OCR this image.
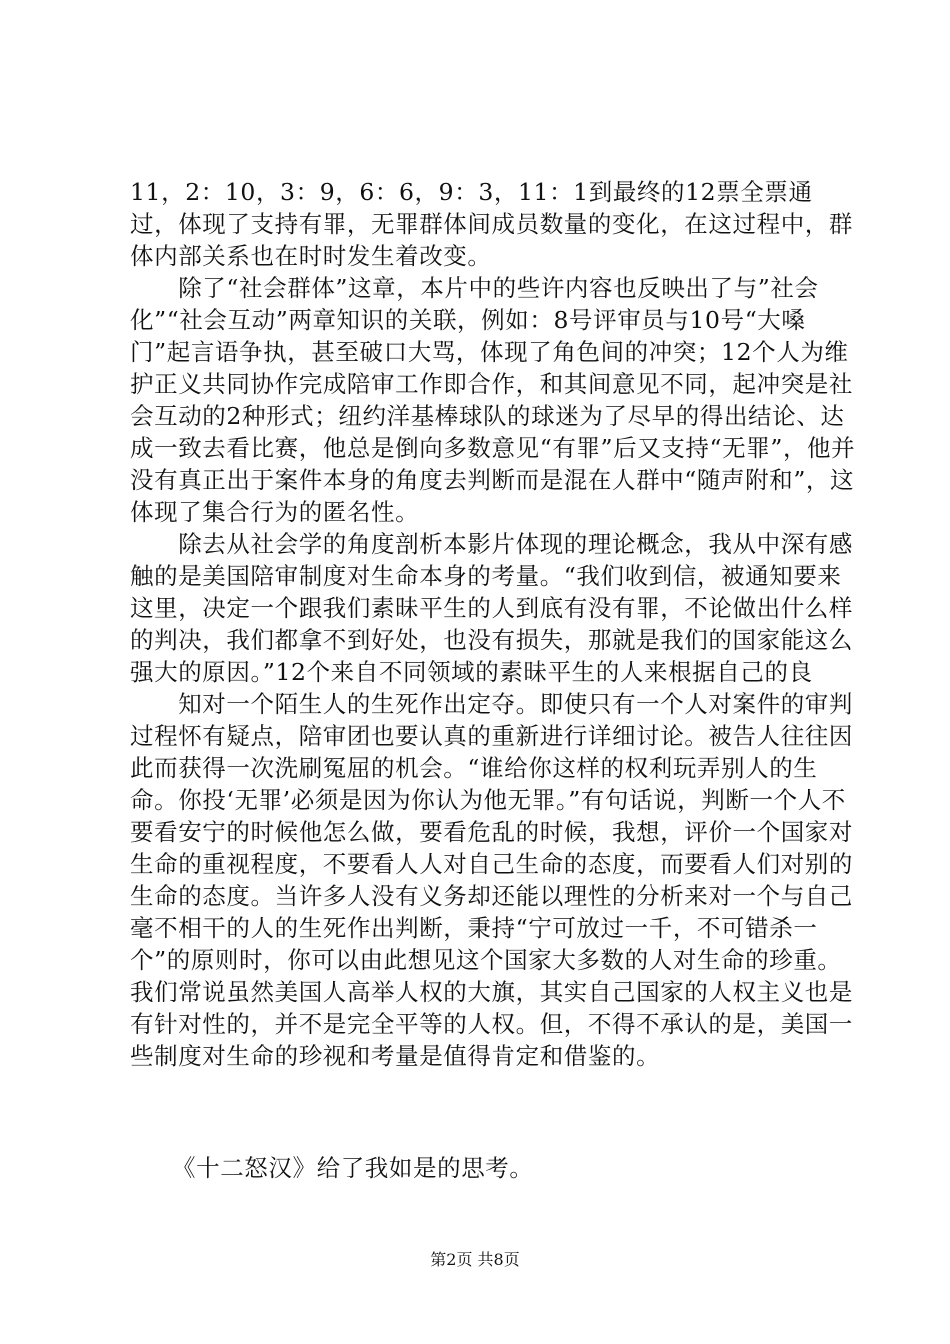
11，2：10，3：9，6：6，9：3，11：1到最终的12票全票通过，体现了支持有罪，无罪群体间成员数量的变化，在这过程中，群体内部关系也在时时发生着改变。

　　除了“社会群体”这章，本片中的些许内容也反映出了与”社会化”“社会互动”两章知识的关联，例如：8号评审员与10号“大嗓门”起言语争执，甚至破口大骂，体现了角色间的冲突；12个人为维护正义共同协作完成陪审工作即合作，和其间意见不同，起冲突是社会互动的2种形式；纽约洋基棒球队的球迷为了尽早的得出结论、达成一致去看比赛，他总是倒向多数意见“有罪”后又支持“无罪”，他并没有真正出于案件本身的角度去判断而是混在人群中“随声附和”，这体现了集合行为的匿名性。

　　除去从社会学的角度剖析本影片体现的理论概念，我从中深有感触的是美国陪审制度对生命本身的考量。“我们收到信，被通知要来这里，决定一个跟我们素昧平生的人到底有没有罪，不论做出什么样的判决，我们都拿不到好处，也没有损失，那就是我们的国家能这么强大的原因。”12个来自不同领域的素昧平生的人来根据自己的良

　　知对一个陌生人的生死作出定夺。即使只有一个人对案件的审判过程怀有疑点，陪审团也要认真的重新进行详细讨论。被告人往往因此而获得一次洗刷冤屈的机会。“谁给你这样的权利玩弄别人的生命。你投‘无罪’必须是因为你认为他无罪。”有句话说，判断一个人不要看安宁的时候他怎么做，要看危乱的时候，我想，评价一个国家对生命的重视程度，不要看人人对自己生命的态度，而要看人们对别的生命的态度。当许多人没有义务却还能以理性的分析来对一个与自己毫不相干的人的生死作出判断，秉持“宁可放过一千，不可错杀一个”的原则时，你可以由此想见这个国家大多数的人对生命的珍重。我们常说虽然美国人高举人权的大旗，其实自己国家的人权主义也是有针对性的，并不是完全平等的人权。但，不得不承认的是，美国一些制度对生命的珍视和考量是值得肯定和借鉴的。

《十二怒汉》给了我如是的思考。

第2页 共8页
